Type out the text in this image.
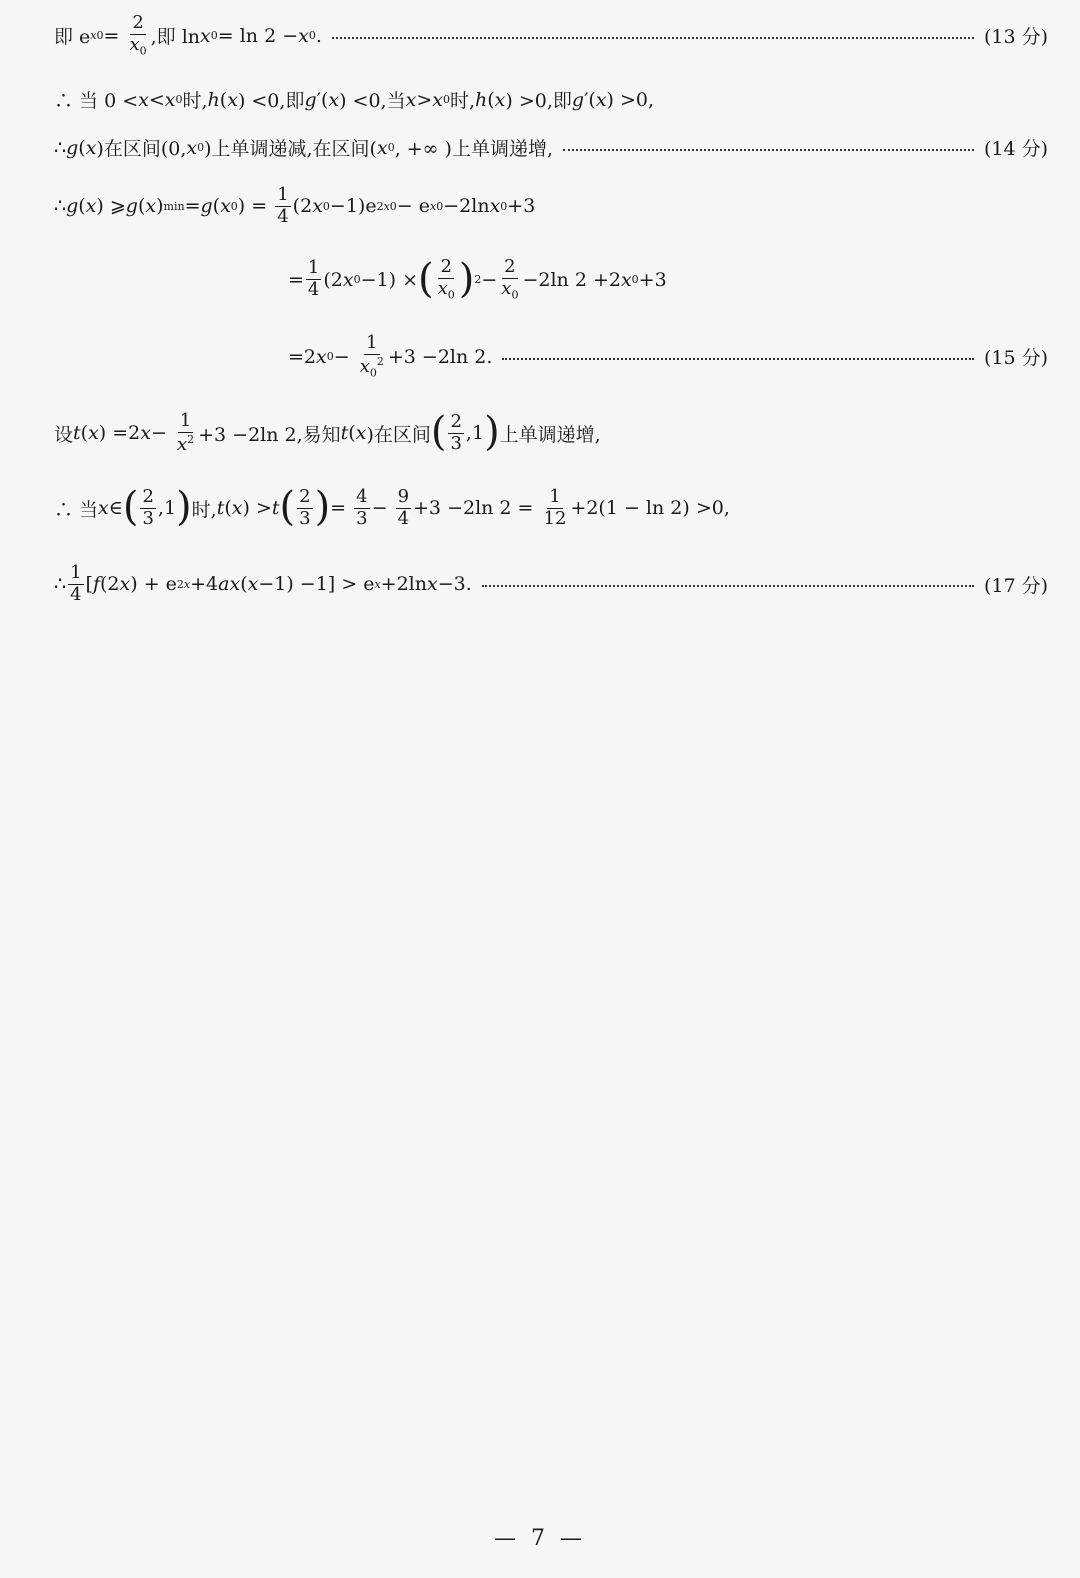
即 e $x0 = \frac{2}{x_0}$ ,即 ln x 0 = ln 2 − x 0 .	(13 分)
∴ 当 0 < x < x 0 时, h ( x ) <0,即 g ′( x ) <0,当 x > x 0 时, h ( x ) >0,即 g ′( x ) >0,
∴ g ( x )在区间(0, x 0 )上单调递减,在区间( x 0 , +∞ )上单调递增,	(14 分)
∴ g ( x ) ⩾ g ( x ) min = g ( x 0 ) = $\frac{1}{4} (2$ x 0 −1)e 2x0 − e x0 −2ln x 0 +3
= $\frac{1}{4} (2$ x 0 −1) × ( $\frac{2}{x_0}$ ) $2 - \frac{2}{x_0} -2\ln$ 2 +2 x 0 +3
=2 x $0 - \frac{1}{x_0^2} +3 -2\ln$ 2.	(15 分)
设 t ( x ) =2 $x - \frac{1}{x^2} +3 -2\ln$ 2,易知 t ( x )在区间 ( $\frac{2}{3} ,1$ ) 上单调递增,
∴ 当 x ∈ ( $\frac{2}{3} ,1$ ) 时, t ( x ) > t ( $\frac{2}{3}$ ) = $\frac{4}{3} - \frac{9}{4} +3 -2\ln$ $2 = \frac{1}{12} +2(1 - \ln 2) >0$,
∴ $\frac{1}{4}$ [ f (2 x ) + e 2x +4 ax ( x −1) −1] > e x +2ln x −3.	(17 分)
— 7 —
